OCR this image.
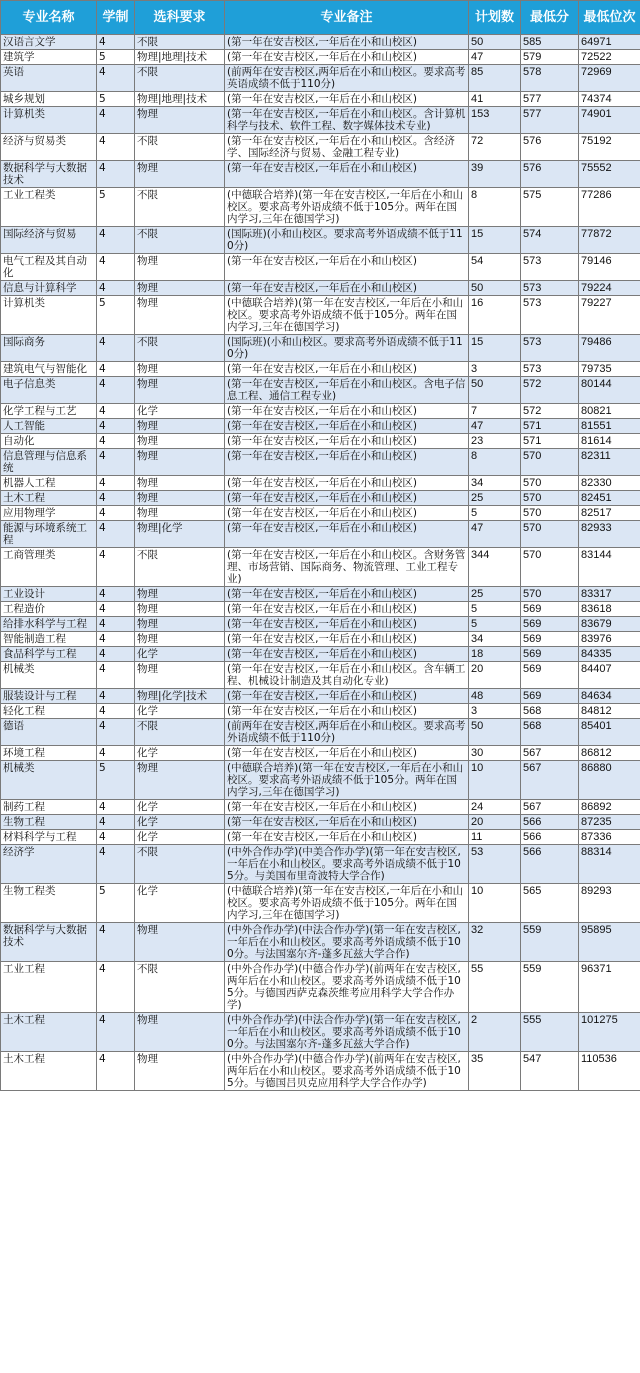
专业名称	学制	选科要求	专业备注	计划数	最低分	最低位次
汉语言文学	4	不限	(第一年在安吉校区,一年后在小和山校区)	50	585	64971
建筑学	5	物理|地理|技术	(第一年在安吉校区,一年后在小和山校区)	47	579	72522
英语	4	不限	(前两年在安吉校区,两年后在小和山校区。要求高考英语成绩不低于110分)	85	578	72969
城乡规划	5	物理|地理|技术	(第一年在安吉校区,一年后在小和山校区)	41	577	74374
计算机类	4	物理	(第一年在安吉校区,一年后在小和山校区。含计算机科学与技术、软件工程、数字媒体技术专业)	153	577	74901
经济与贸易类	4	不限	(第一年在安吉校区,一年后在小和山校区。含经济学、国际经济与贸易、金融工程专业)	72	576	75192
数据科学与大数据技术	4	物理	(第一年在安吉校区,一年后在小和山校区)	39	576	75552
工业工程类	5	不限	(中德联合培养)(第一年在安吉校区,一年后在小和山校区。要求高考外语成绩不低于105分。两年在国内学习,三年在德国学习)	8	575	77286
国际经济与贸易	4	不限	(国际班)(小和山校区。要求高考外语成绩不低于110分)	15	574	77872
电气工程及其自动化	4	物理	(第一年在安吉校区,一年后在小和山校区)	54	573	79146
信息与计算科学	4	物理	(第一年在安吉校区,一年后在小和山校区)	50	573	79224
计算机类	5	物理	(中德联合培养)(第一年在安吉校区,一年后在小和山校区。要求高考外语成绩不低于105分。两年在国内学习,三年在德国学习)	16	573	79227
国际商务	4	不限	(国际班)(小和山校区。要求高考外语成绩不低于110分)	15	573	79486
建筑电气与智能化	4	物理	(第一年在安吉校区,一年后在小和山校区)	3	573	79735
电子信息类	4	物理	(第一年在安吉校区,一年后在小和山校区。含电子信息工程、通信工程专业)	50	572	80144
化学工程与工艺	4	化学	(第一年在安吉校区,一年后在小和山校区)	7	572	80821
人工智能	4	物理	(第一年在安吉校区,一年后在小和山校区)	47	571	81551
自动化	4	物理	(第一年在安吉校区,一年后在小和山校区)	23	571	81614
信息管理与信息系统	4	物理	(第一年在安吉校区,一年后在小和山校区)	8	570	82311
机器人工程	4	物理	(第一年在安吉校区,一年后在小和山校区)	34	570	82330
土木工程	4	物理	(第一年在安吉校区,一年后在小和山校区)	25	570	82451
应用物理学	4	物理	(第一年在安吉校区,一年后在小和山校区)	5	570	82517
能源与环境系统工程	4	物理|化学	(第一年在安吉校区,一年后在小和山校区)	47	570	82933
工商管理类	4	不限	(第一年在安吉校区,一年后在小和山校区。含财务管理、市场营销、国际商务、物流管理、工业工程专业)	344	570	83144
工业设计	4	物理	(第一年在安吉校区,一年后在小和山校区)	25	570	83317
工程造价	4	物理	(第一年在安吉校区,一年后在小和山校区)	5	569	83618
给排水科学与工程	4	物理	(第一年在安吉校区,一年后在小和山校区)	5	569	83679
智能制造工程	4	物理	(第一年在安吉校区,一年后在小和山校区)	34	569	83976
食品科学与工程	4	化学	(第一年在安吉校区,一年后在小和山校区)	18	569	84335
机械类	4	物理	(第一年在安吉校区,一年后在小和山校区。含车辆工程、机械设计制造及其自动化专业)	20	569	84407
服装设计与工程	4	物理|化学|技术	(第一年在安吉校区,一年后在小和山校区)	48	569	84634
轻化工程	4	化学	(第一年在安吉校区,一年后在小和山校区)	3	568	84812
德语	4	不限	(前两年在安吉校区,两年后在小和山校区。要求高考外语成绩不低于110分)	50	568	85401
环境工程	4	化学	(第一年在安吉校区,一年后在小和山校区)	30	567	86812
机械类	5	物理	(中德联合培养)(第一年在安吉校区,一年后在小和山校区。要求高考外语成绩不低于105分。两年在国内学习,三年在德国学习)	10	567	86880
制药工程	4	化学	(第一年在安吉校区,一年后在小和山校区)	24	567	86892
生物工程	4	化学	(第一年在安吉校区,一年后在小和山校区)	20	566	87235
材料科学与工程	4	化学	(第一年在安吉校区,一年后在小和山校区)	11	566	87336
经济学	4	不限	(中外合作办学)(中美合作办学)(第一年在安吉校区,一年后在小和山校区。要求高考外语成绩不低于105分。与美国布里奇波特大学合作)	53	566	88314
生物工程类	5	化学	(中德联合培养)(第一年在安吉校区,一年后在小和山校区。要求高考外语成绩不低于105分。两年在国内学习,三年在德国学习)	10	565	89293
数据科学与大数据技术	4	物理	(中外合作办学)(中法合作办学)(第一年在安吉校区,一年后在小和山校区。要求高考外语成绩不低于100分。与法国塞尔齐-蓬多瓦兹大学合作)	32	559	95895
工业工程	4	不限	(中外合作办学)(中德合作办学)(前两年在安吉校区,两年后在小和山校区。要求高考外语成绩不低于105分。与德国西萨克森茨维考应用科学大学合作办学)	55	559	96371
土木工程	4	物理	(中外合作办学)(中法合作办学)(第一年在安吉校区,一年后在小和山校区。要求高考外语成绩不低于100分。与法国塞尔齐-蓬多瓦兹大学合作)	2	555	101275
土木工程	4	物理	(中外合作办学)(中德合作办学)(前两年在安吉校区,两年后在小和山校区。要求高考外语成绩不低于105分。与德国吕贝克应用科学大学合作办学)	35	547	110536
